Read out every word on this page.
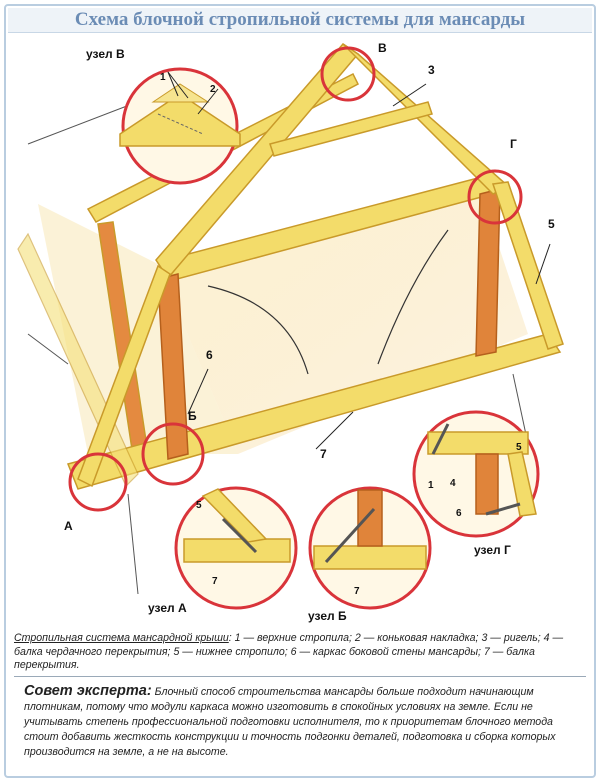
Схема блочной стропильной системы для мансарды
узел В
1
2
В
3
Г
5
6
Б
7
А
5
7
7
1 4
5
6
узел Г
узел А
узел Б
Стропильная система мансардной крыши: 1 — верхние стропила; 2 — коньковая накладка; 3 — ригель; 4 — балка чердачного перекрытия; 5 — нижнее стропило; 6 — каркас боковой стены мансарды; 7 — балка перекрытия.
Совет эксперта: Блочный способ строительства мансарды больше подходит начинающим плотникам, потому что модули каркаса можно изготовить в спокойных условиях на земле. Если не учитывать степень профессиональной подготовки исполнителя, то к приоритетам блочного метода стоит добавить жесткость конструкции и точность подгонки деталей, подготовка и сборка которых производится на земле, а не на высоте.
